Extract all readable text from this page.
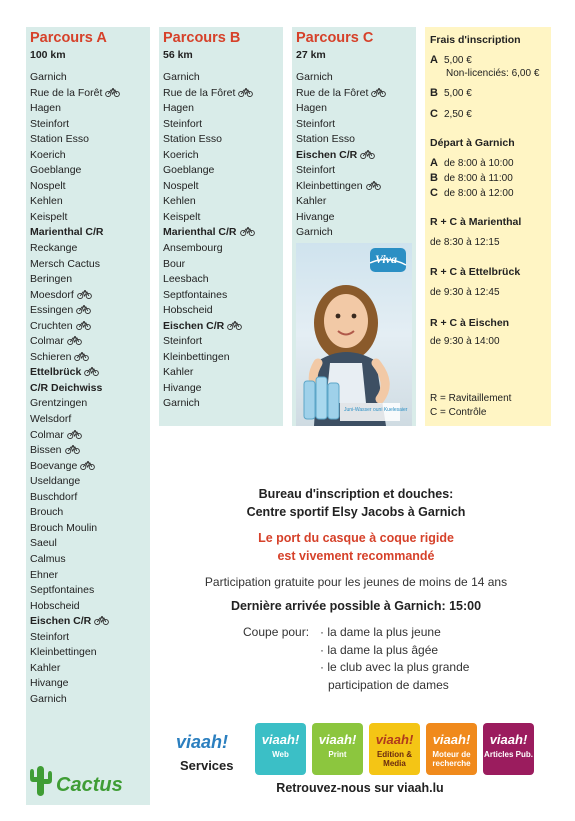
Parcours A
100 km
Garnich
Rue de la Forêt
Hagen
Steinfort
Station Esso
Koerich
Goeblange
Nospelt
Kehlen
Keispelt
Marienthal C/R
Reckange
Mersch Cactus
Beringen
Moesdorf
Essingen
Cruchten
Colmar
Schieren
Ettelbrück
C/R Deichwiss
Grentzingen
Welsdorf
Colmar
Bissen
Boevange
Useldange
Buschdorf
Brouch
Brouch Moulin
Saeul
Calmus
Ehner
Septfontaines
Hobscheid
Eischen C/R
Steinfort
Kleinbettingen
Kahler
Hivange
Garnich
Parcours B
56 km
Garnich
Rue de la Fôret
Hagen
Steinfort
Station Esso
Koerich
Goeblange
Nospelt
Kehlen
Keispelt
Marienthal C/R
Ansembourg
Bour
Leesbach
Septfontaines
Hobscheid
Eischen C/R
Steinfort
Kleinbettingen
Kahler
Hivange
Garnich
Parcours C
27 km
Garnich
Rue de la Fôret
Hagen
Steinfort
Station Esso
Eischen C/R
Steinfort
Kleinbettingen
Kahler
Hivange
Garnich
Viva
Juni-Wasser ouni Kuelesaier
Frais d'inscription
A 5,00 €
Non-licenciés: 6,00 €
B 5,00 €
C 2,50 €
Départ à Garnich
A de 8:00 à 10:00
B de 8:00 à 11:00
C de 8:00 à 12:00
R + C à Marienthal
de 8:30 à 12:15
R + C à Ettelbrück
de 9:30 à 12:45
R + C à Eischen
de 9:30 à 14:00
R = Ravitaillement
C = Contrôle
Bureau d'inscription et douches:
Centre sportif Elsy Jacobs à Garnich
Le port du casque à coque rigide
est vivement recommandé
Participation gratuite pour les jeunes de moins de 14 ans
Dernière arrivée possible à Garnich: 15:00
Coupe pour: · la dame la plus jeune
· la dame la plus âgée
· le club avec la plus grande
participation de dames
Cactus
viaah!
Services
viaah!
Web
viaah!
Print
viaah!
Edition & Media
viaah!
Moteur de recherche
viaah!
Articles Pub.
Retrouvez-nous sur viaah.lu
